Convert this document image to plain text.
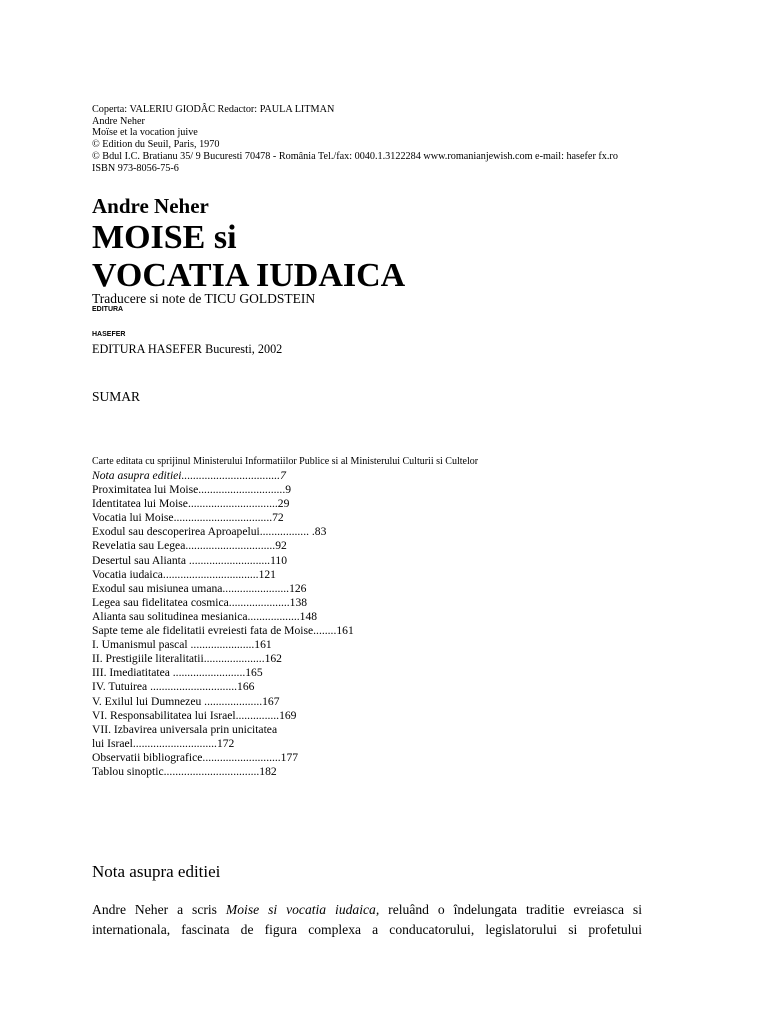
Coperta: VALERIU GIODÂC Redactor: PAULA LITMAN
Andre Neher
Moïse et la vocation juive
© Edition du Seuil, Paris, 1970
© Bdul I.C. Bratianu 35/ 9 Bucuresti 70478 - România Tel./fax: 0040.1.3122284 www.romanianjewish.com e-mail: hasefer fx.ro
ISBN 973-8056-75-6
Andre Neher
MOISE si
VOCATIA IUDAICA
Traducere si note de TICU GOLDSTEIN
EDITURA
HASEFER
EDITURA HASEFER Bucuresti, 2002
SUMAR
Carte editata cu sprijinul Ministerului Informatiilor Publice si al Ministerului Culturii si Cultelor
Nota asupra editiei..................................7
Proximitatea lui Moise..............................9
Identitatea lui Moise...............................29
Vocatia lui Moise..................................72
Exodul sau descoperirea Aproapelui................. .83
Revelatia sau Legea...............................92
Desertul sau Alianta ............................110
Vocatia iudaica.................................121
Exodul sau misiunea umana.......................126
Legea sau fidelitatea cosmica.....................138
Alianta sau solitudinea mesianica..................148
Sapte teme ale fidelitatii evreiesti fata de Moise........161
I. Umanismul pascal ......................161
II. Prestigiile literalitatii.....................162
III. Imediatitatea .........................165
IV. Tutuirea ..............................166
V. Exilul lui Dumnezeu ....................167
VI. Responsabilitatea lui Israel...............169
VII. Izbavirea universala prin unicitatea
lui Israel.............................172
Observatii bibliografice...........................177
Tablou sinoptic.................................182
Nota asupra editiei
Andre Neher a scris Moise si vocatia iudaica, reluând o îndelungata traditie evreiasca si internationala, fascinata de figura complexa a conducatorului, legislatorului si profetului
